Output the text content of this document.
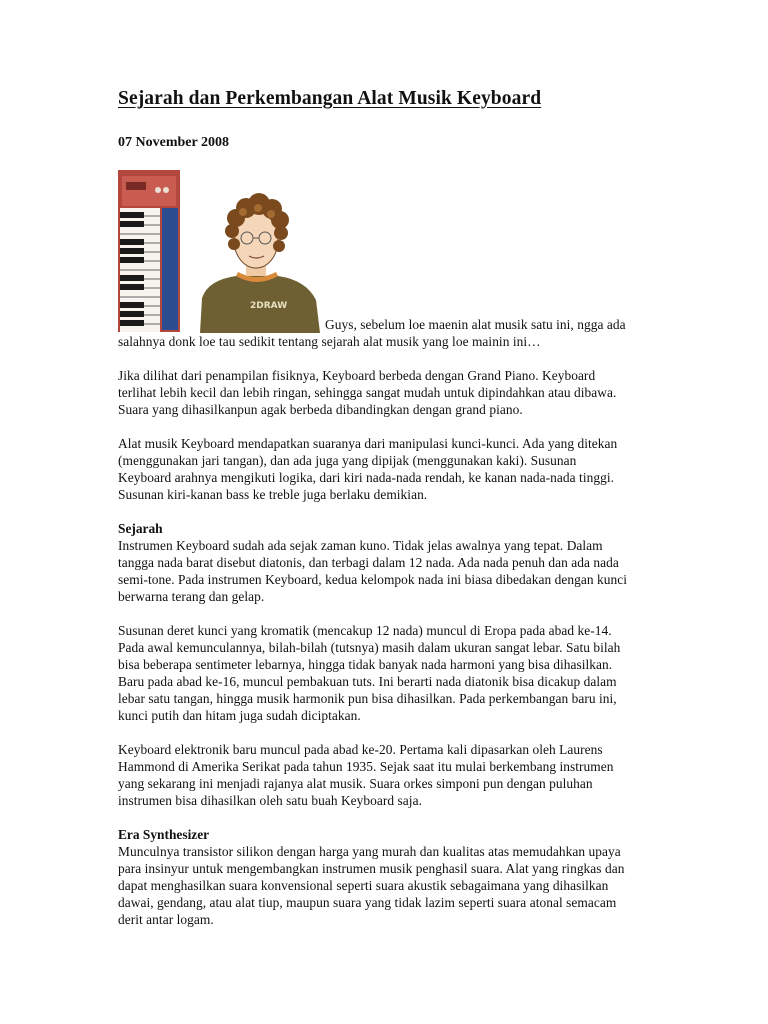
Sejarah dan Perkembangan Alat Musik Keyboard
07 November 2008
2DRAW

Guys, sebelum loe maenin alat musik satu ini, ngga ada
salahnya donk loe tau sedikit tentang sejarah alat musik yang loe mainin ini…

Jika dilihat dari penampilan fisiknya, Keyboard berbeda dengan Grand Piano. Keyboard
terlihat lebih kecil dan lebih ringan, sehingga sangat mudah untuk dipindahkan atau dibawa.
Suara yang dihasilkanpun agak berbeda dibandingkan dengan grand piano.

Alat musik Keyboard mendapatkan suaranya dari manipulasi kunci-kunci. Ada yang ditekan
(menggunakan jari tangan), dan ada juga yang dipijak (menggunakan kaki). Susunan
Keyboard arahnya mengikuti logika, dari kiri nada-nada rendah, ke kanan nada-nada tinggi.
Susunan kiri-kanan bass ke treble juga berlaku demikian.

Sejarah

Instrumen Keyboard sudah ada sejak zaman kuno. Tidak jelas awalnya yang tepat. Dalam
tangga nada barat disebut diatonis, dan terbagi dalam 12 nada. Ada nada penuh dan ada nada
semi-tone. Pada instrumen Keyboard, kedua kelompok nada ini biasa dibedakan dengan kunci
berwarna terang dan gelap.

Susunan deret kunci yang kromatik (mencakup 12 nada) muncul di Eropa pada abad ke-14.
Pada awal kemunculannya, bilah-bilah (tutsnya) masih dalam ukuran sangat lebar. Satu bilah
bisa beberapa sentimeter lebarnya, hingga tidak banyak nada harmoni yang bisa dihasilkan.
Baru pada abad ke-16, muncul pembakuan tuts. Ini berarti nada diatonik bisa dicakup dalam
lebar satu tangan, hingga musik harmonik pun bisa dihasilkan. Pada perkembangan baru ini,
kunci putih dan hitam juga sudah diciptakan.

Keyboard elektronik baru muncul pada abad ke-20. Pertama kali dipasarkan oleh Laurens
Hammond di Amerika Serikat pada tahun 1935. Sejak saat itu mulai berkembang instrumen
yang sekarang ini menjadi rajanya alat musik. Suara orkes simponi pun dengan puluhan
instrumen bisa dihasilkan oleh satu buah Keyboard saja.

Era Synthesizer

Munculnya transistor silikon dengan harga yang murah dan kualitas atas memudahkan upaya
para insinyur untuk mengembangkan instrumen musik penghasil suara. Alat yang ringkas dan
dapat menghasilkan suara konvensional seperti suara akustik sebagaimana yang dihasilkan
dawai, gendang, atau alat tiup, maupun suara yang tidak lazim seperti suara atonal semacam
derit antar logam.
